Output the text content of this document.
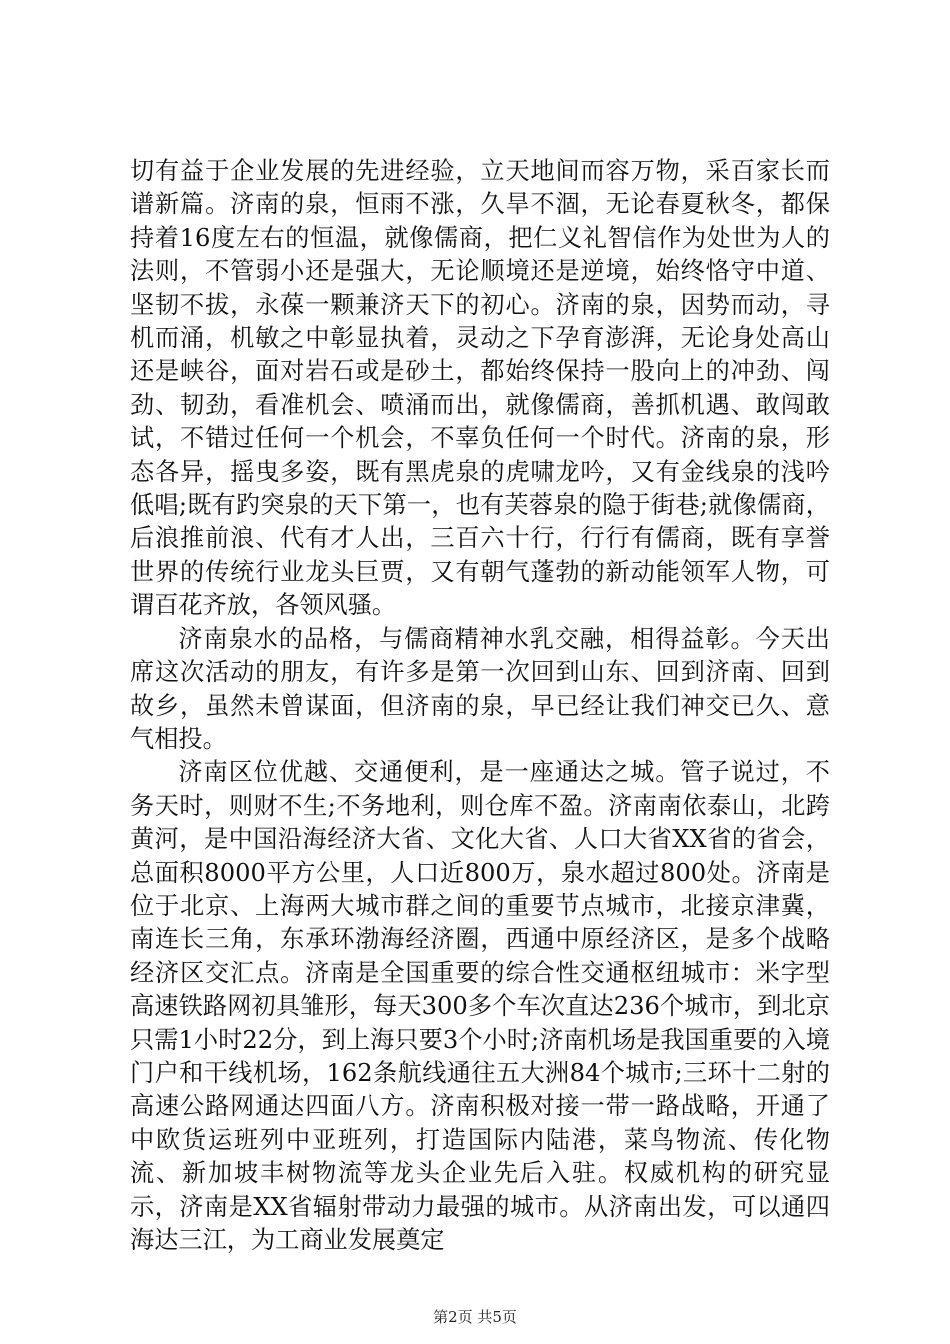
切有益于企业发展的先进经验，立天地间而容万物，采百家长而谱新篇。济南的泉，恒雨不涨，久旱不涸，无论春夏秋冬，都保持着16度左右的恒温，就像儒商，把仁义礼智信作为处世为人的法则，不管弱小还是强大，无论顺境还是逆境，始终恪守中道、坚韧不拔，永葆一颗兼济天下的初心。济南的泉，因势而动，寻机而涌，机敏之中彰显执着，灵动之下孕育澎湃，无论身处高山还是峡谷，面对岩石或是砂土，都始终保持一股向上的冲劲、闯劲、韧劲，看准机会、喷涌而出，就像儒商，善抓机遇、敢闯敢试，不错过任何一个机会，不辜负任何一个时代。济南的泉，形态各异，摇曳多姿，既有黑虎泉的虎啸龙吟，又有金线泉的浅吟低唱;既有趵突泉的天下第一，也有芙蓉泉的隐于街巷;就像儒商，后浪推前浪、代有才人出，三百六十行，行行有儒商，既有享誉世界的传统行业龙头巨贾，又有朝气蓬勃的新动能领军人物，可谓百花齐放，各领风骚。

济南泉水的品格，与儒商精神水乳交融，相得益彰。今天出席这次活动的朋友，有许多是第一次回到山东、回到济南、回到故乡，虽然未曾谋面，但济南的泉，早已经让我们神交已久、意气相投。

济南区位优越、交通便利，是一座通达之城。管子说过，不务天时，则财不生;不务地利，则仓库不盈。济南南依泰山，北跨黄河，是中国沿海经济大省、文化大省、人口大省XX省的省会，总面积8000平方公里，人口近800万，泉水超过800处。济南是位于北京、上海两大城市群之间的重要节点城市，北接京津冀，南连长三角，东承环渤海经济圈，西通中原经济区，是多个战略经济区交汇点。济南是全国重要的综合性交通枢纽城市：米字型高速铁路网初具雏形，每天300多个车次直达236个城市，到北京只需1小时22分，到上海只要3个小时;济南机场是我国重要的入境门户和干线机场，162条航线通往五大洲84个城市;三环十二射的高速公路网通达四面八方。济南积极对接一带一路战略，开通了中欧货运班列中亚班列，打造国际内陆港，菜鸟物流、传化物流、新加坡丰树物流等龙头企业先后入驻。权威机构的研究显示，济南是XX省辐射带动力最强的城市。从济南出发，可以通四海达三江，为工商业发展奠定

第2页 共5页
